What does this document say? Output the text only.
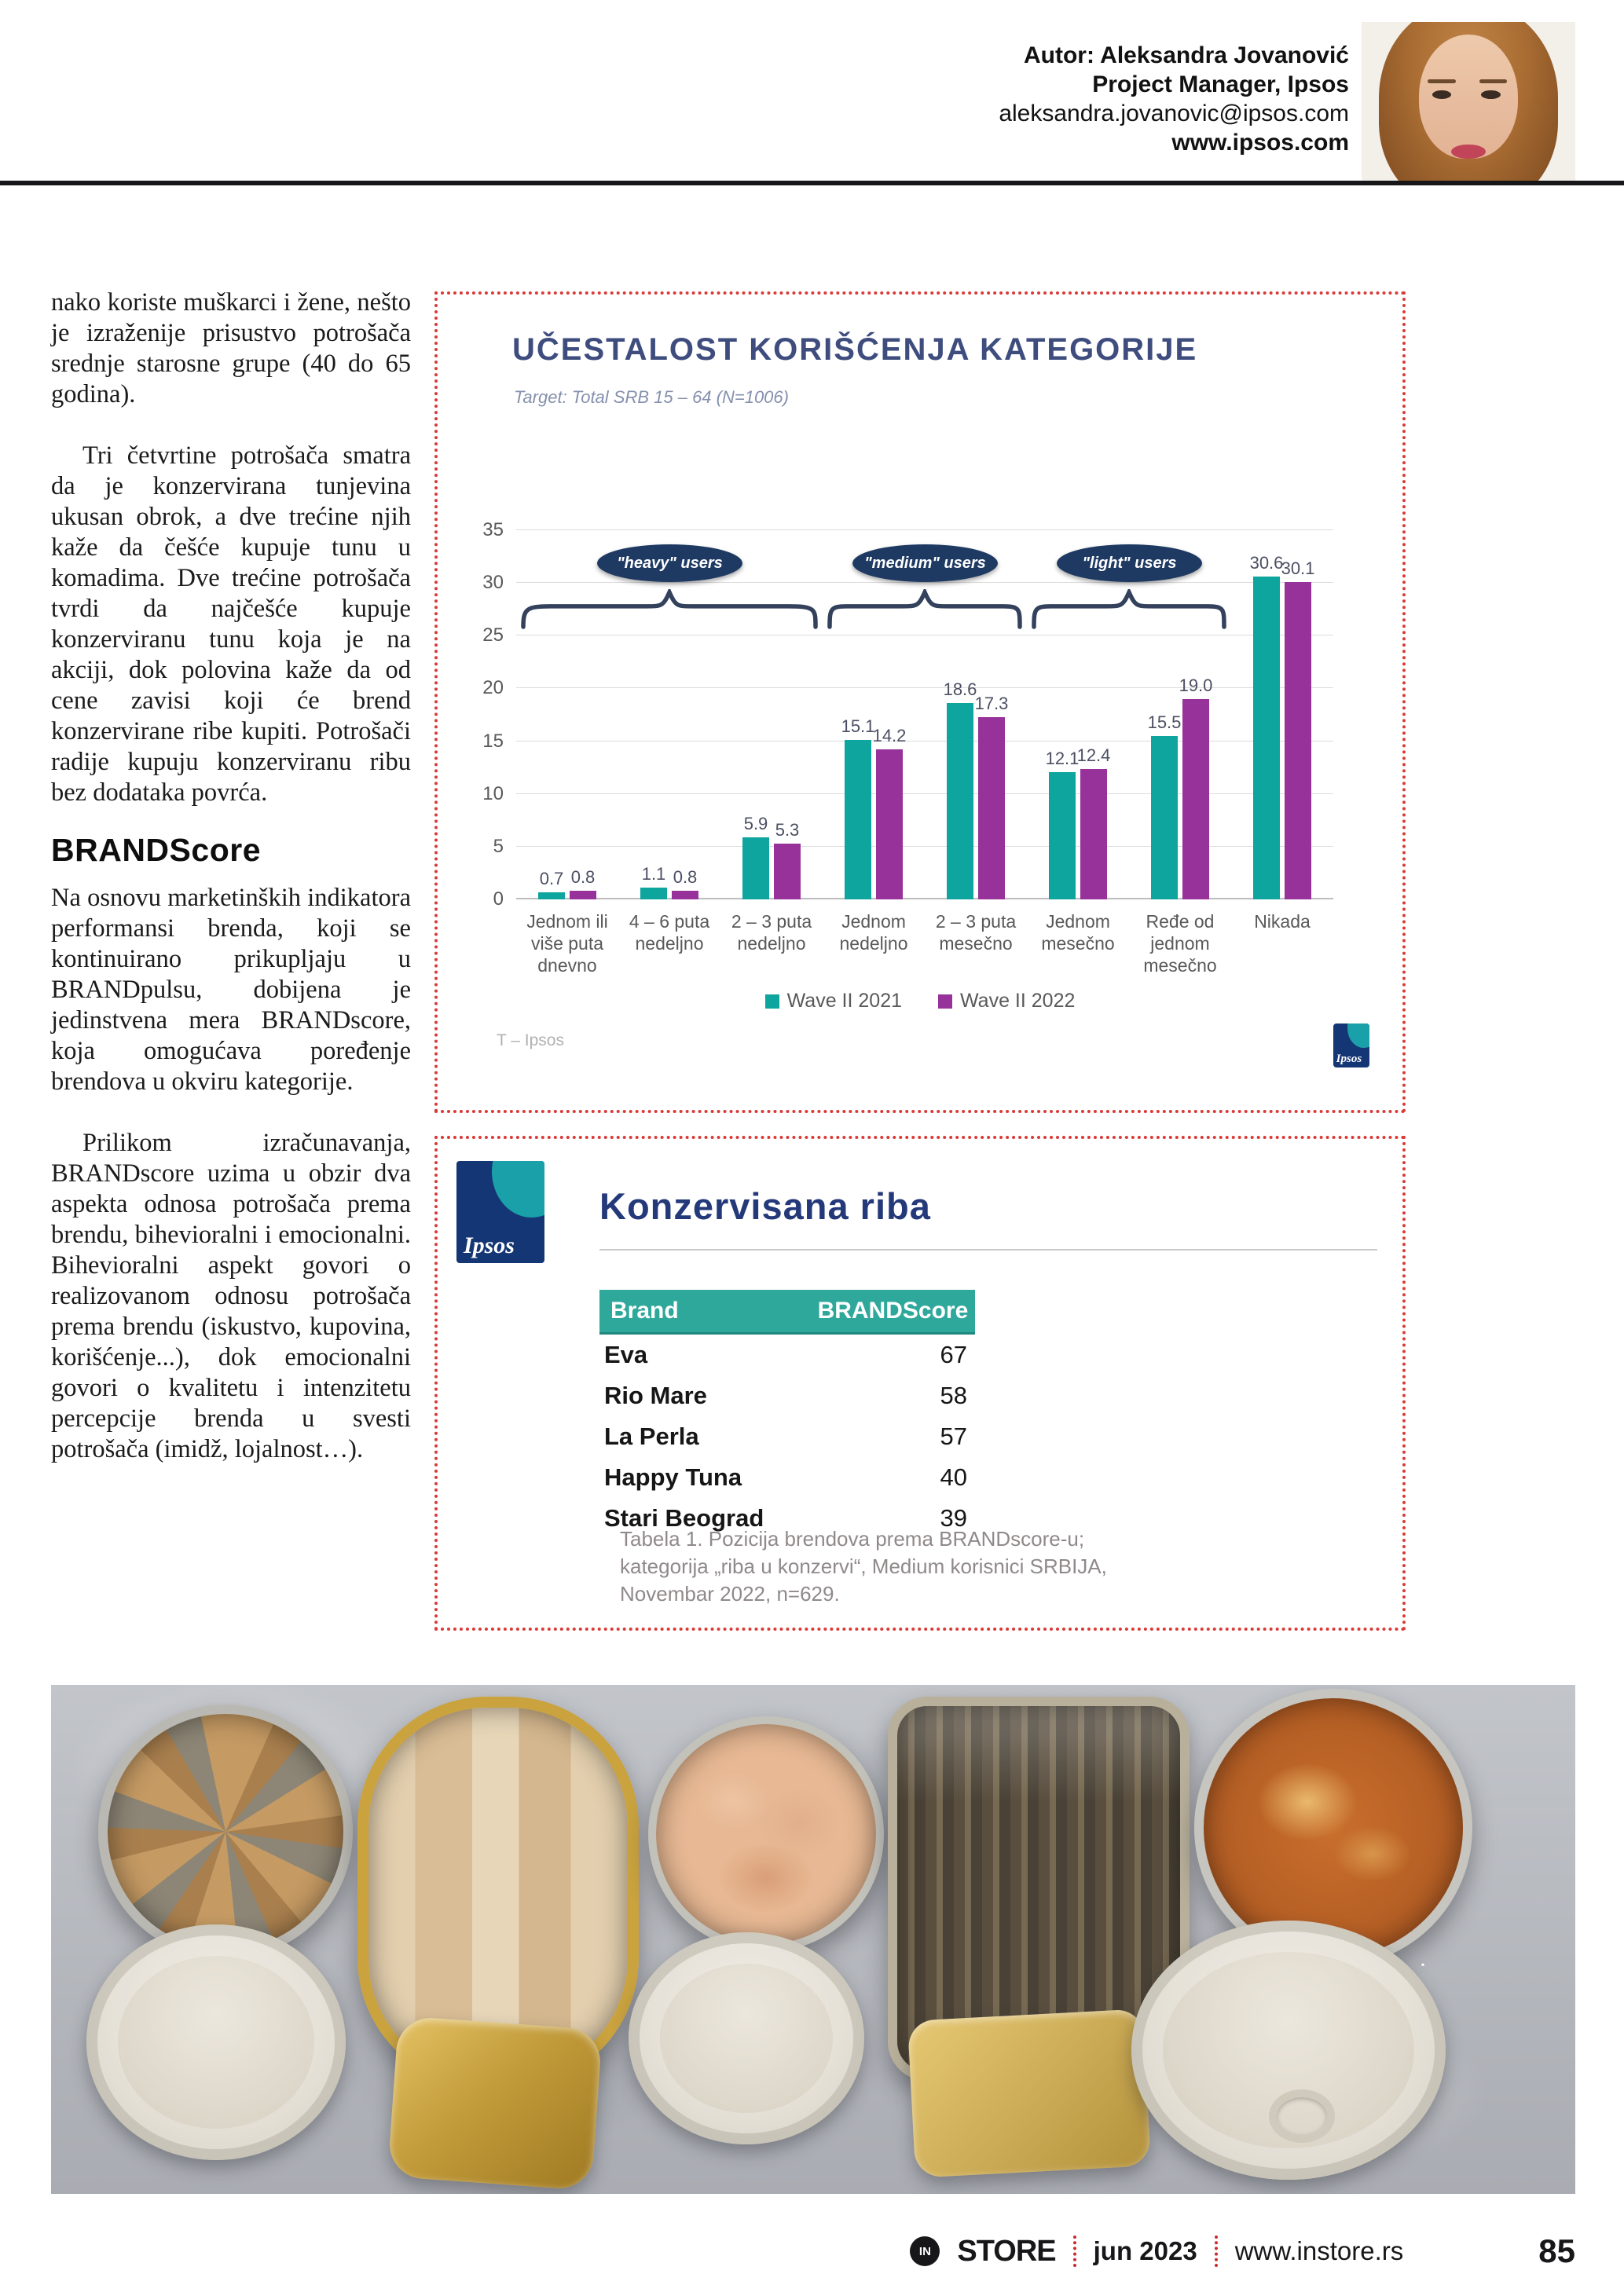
Autor: Aleksandra Jovanović
Project Manager, Ipsos
aleksandra.jovanovic@ipsos.com
www.ipsos.com

nako koriste muškarci i žene, nešto je izraženije prisustvo potrošača srednje starosne grupe (40 do 65 godina).

Tri četvrtine potrošača smatra da je konzervirana tunjevina ukusan obrok, a dve trećine njih kaže da češće kupuje tunu u komadima. Dve trećine potrošača tvrdi da najčešće kupuje konzerviranu tunu koja je na akciji, dok polovina kaže da od cene zavisi koji će brend konzervirane ribe kupiti. Potrošači radije kupuju konzerviranu ribu bez dodataka povrća.

BRANDScore

Na osnovu marketinških indikatora performansi brenda, koji se kontinuirano prikupljaju u BRANDpulsu, dobijena je jedinstvena mera BRANDscore, koja omogućava poređenje brendova u okviru kategorije.

Prilikom izračunavanja, BRANDscore uzima u obzir dva aspekta odnosa potrošača prema brendu, bihevioralni i emocionalni. Bihevioralni aspekt govori o realizovanom odnosu potrošača prema brendu (iskustvo, kupovina, korišćenje...), dok emocionalni govori o kvalitetu i intenzitetu percepcije brenda u svesti potrošača (imidž, lojalnost…).

UČESTALOST KORIŠĆENJA KATEGORIJE
Target: Total SRB 15 – 64 (N=1006)
0.7 0.8	1.1 0.8
5.9 5.3
15.1
14.2
18.6
17.3
12.1
12.4
15.5
19.0
30.6
30.1
Jednom ili više puta dnevno
4 – 6 puta nedeljno
2 – 3 puta nedeljno
Jednom nedeljno
2 – 3 puta mesečno
Jednom mesečno
Ređe od jednom mesečno
Nikada
"heavy" users	"medium" users	"light" users
Wave II 2021	Wave II 2022
T – Ipsos
Ipsos
0
5
10
15
20
25
30
35
Ipsos
Konzervisana riba
Brand	BRANDScore
Eva	67
Rio Mare	58
La Perla	57
Happy Tuna	40
Stari Beograd	39
Tabela 1. Pozicija brendova prema BRANDscore-u; kategorija „riba u konzervi“, Medium korisnici SRBIJA, Novembar 2022, n=629.
IN STORE jun 2023 www.instore.rs	85
